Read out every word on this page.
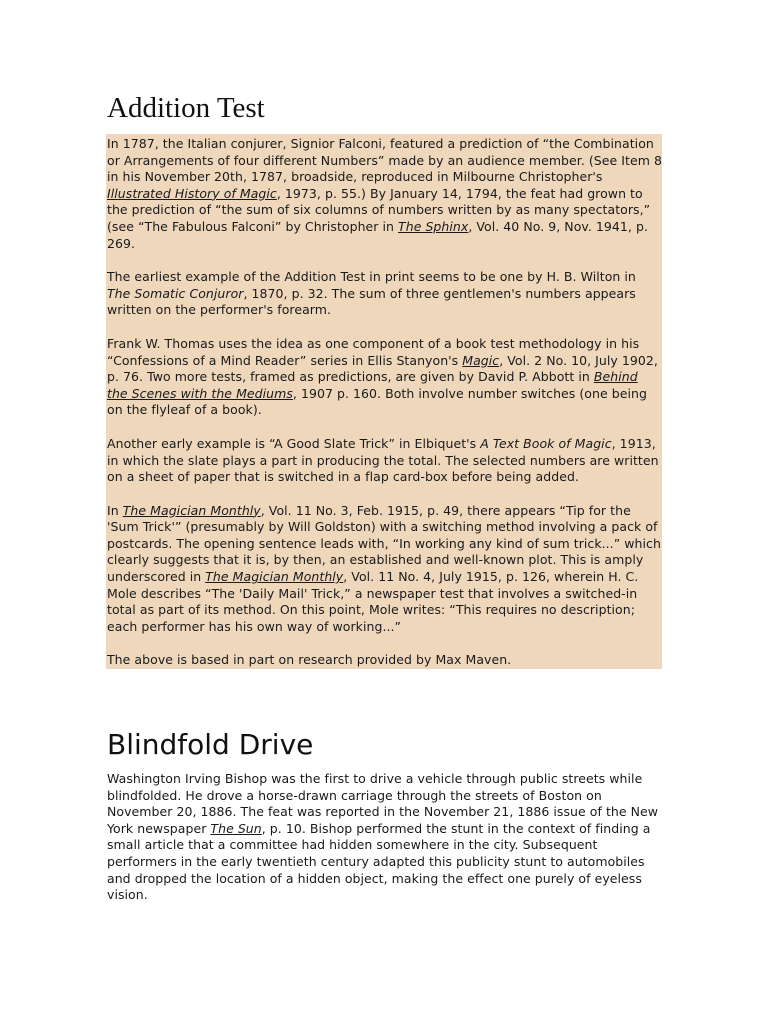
Addition Test

In 1787, the Italian conjurer, Signior Falconi, featured a prediction of “the Combination or Arrangements of four different Numbers” made by an audience member. (See Item 8 in his November 20th, 1787, broadside, reproduced in Milbourne Christopher's Illustrated History of Magic, 1973, p. 55.) By January 14, 1794, the feat had grown to the prediction of “the sum of six columns of numbers written by as many spectators,” (see “The Fabulous Falconi” by Christopher in The Sphinx, Vol. 40 No. 9, Nov. 1941, p. 269.

The earliest example of the Addition Test in print seems to be one by H. B. Wilton in The Somatic Conjuror, 1870, p. 32. The sum of three gentlemen's numbers appears written on the performer's forearm.

Frank W. Thomas uses the idea as one component of a book test methodology in his “Confessions of a Mind Reader” series in Ellis Stanyon's Magic, Vol. 2 No. 10, July 1902, p. 76. Two more tests, framed as predictions, are given by David P. Abbott in Behind the Scenes with the Mediums, 1907 p. 160. Both involve number switches (one being on the flyleaf of a book).

Another early example is “A Good Slate Trick” in Elbiquet's A Text Book of Magic, 1913, in which the slate plays a part in producing the total. The selected numbers are written on a sheet of paper that is switched in a flap card-box before being added.

In The Magician Monthly, Vol. 11 No. 3, Feb. 1915, p. 49, there appears “Tip for the 'Sum Trick'” (presumably by Will Goldston) with a switching method involving a pack of postcards. The opening sentence leads with, “In working any kind of sum trick...” which clearly suggests that it is, by then, an established and well-known plot. This is amply underscored in The Magician Monthly, Vol. 11 No. 4, July 1915, p. 126, wherein H. C. Mole describes “The 'Daily Mail' Trick,” a newspaper test that involves a switched-in total as part of its method. On this point, Mole writes: “This requires no description; each performer has his own way of working...”

The above is based in part on research provided by Max Maven.

Blindfold Drive

Washington Irving Bishop was the first to drive a vehicle through public streets while blindfolded. He drove a horse-drawn carriage through the streets of Boston on November 20, 1886. The feat was reported in the November 21, 1886 issue of the New York newspaper The Sun, p. 10. Bishop performed the stunt in the context of finding a small article that a committee had hidden somewhere in the city. Subsequent performers in the early twentieth century adapted this publicity stunt to automobiles and dropped the location of a hidden object, making the effect one purely of eyeless vision.
